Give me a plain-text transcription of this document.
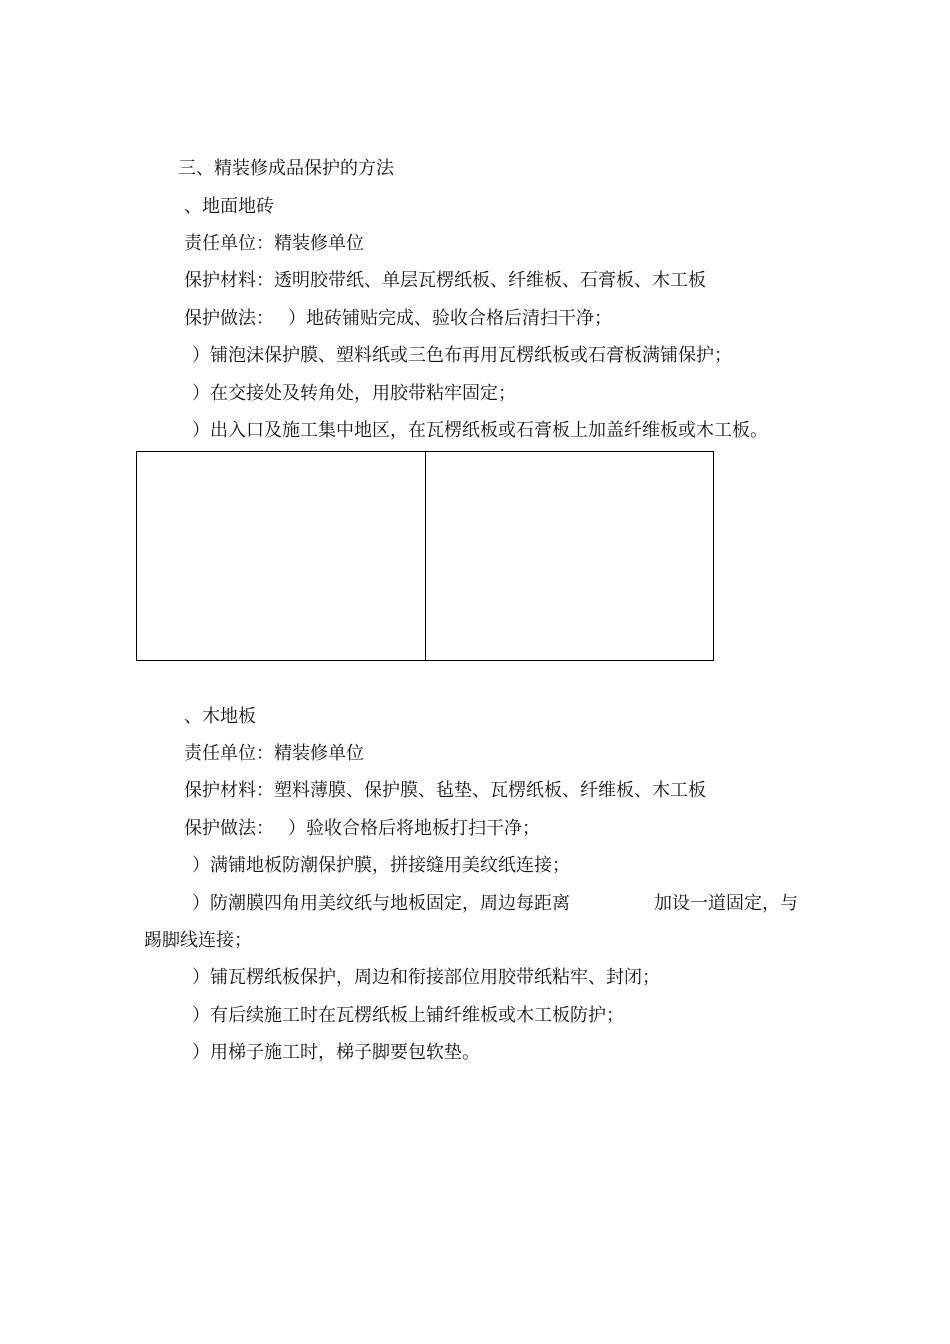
三、精装修成品保护的方法
、地面地砖
责任单位：精装修单位
保护材料：透明胶带纸、单层瓦楞纸板、纤维板、石膏板、木工板
保护做法： ）地砖铺贴完成、验收合格后清扫干净；
）铺泡沫保护膜、塑料纸或三色布再用瓦楞纸板或石膏板满铺保护；
）在交接处及转角处，用胶带粘牢固定；
）出入口及施工集中地区，在瓦楞纸板或石膏板上加盖纤维板或木工板。
、木地板
责任单位：精装修单位
保护材料：塑料薄膜、保护膜、毡垫、瓦楞纸板、纤维板、木工板
保护做法： ）验收合格后将地板打扫干净；
）满铺地板防潮保护膜，拼接缝用美纹纸连接；
）防潮膜四角用美纹纸与地板固定，周边每距离	加设一道固定，与
踢脚线连接；
）铺瓦楞纸板保护，周边和衔接部位用胶带纸粘牢、封闭；
）有后续施工时在瓦楞纸板上铺纤维板或木工板防护；
）用梯子施工时，梯子脚要包软垫。
